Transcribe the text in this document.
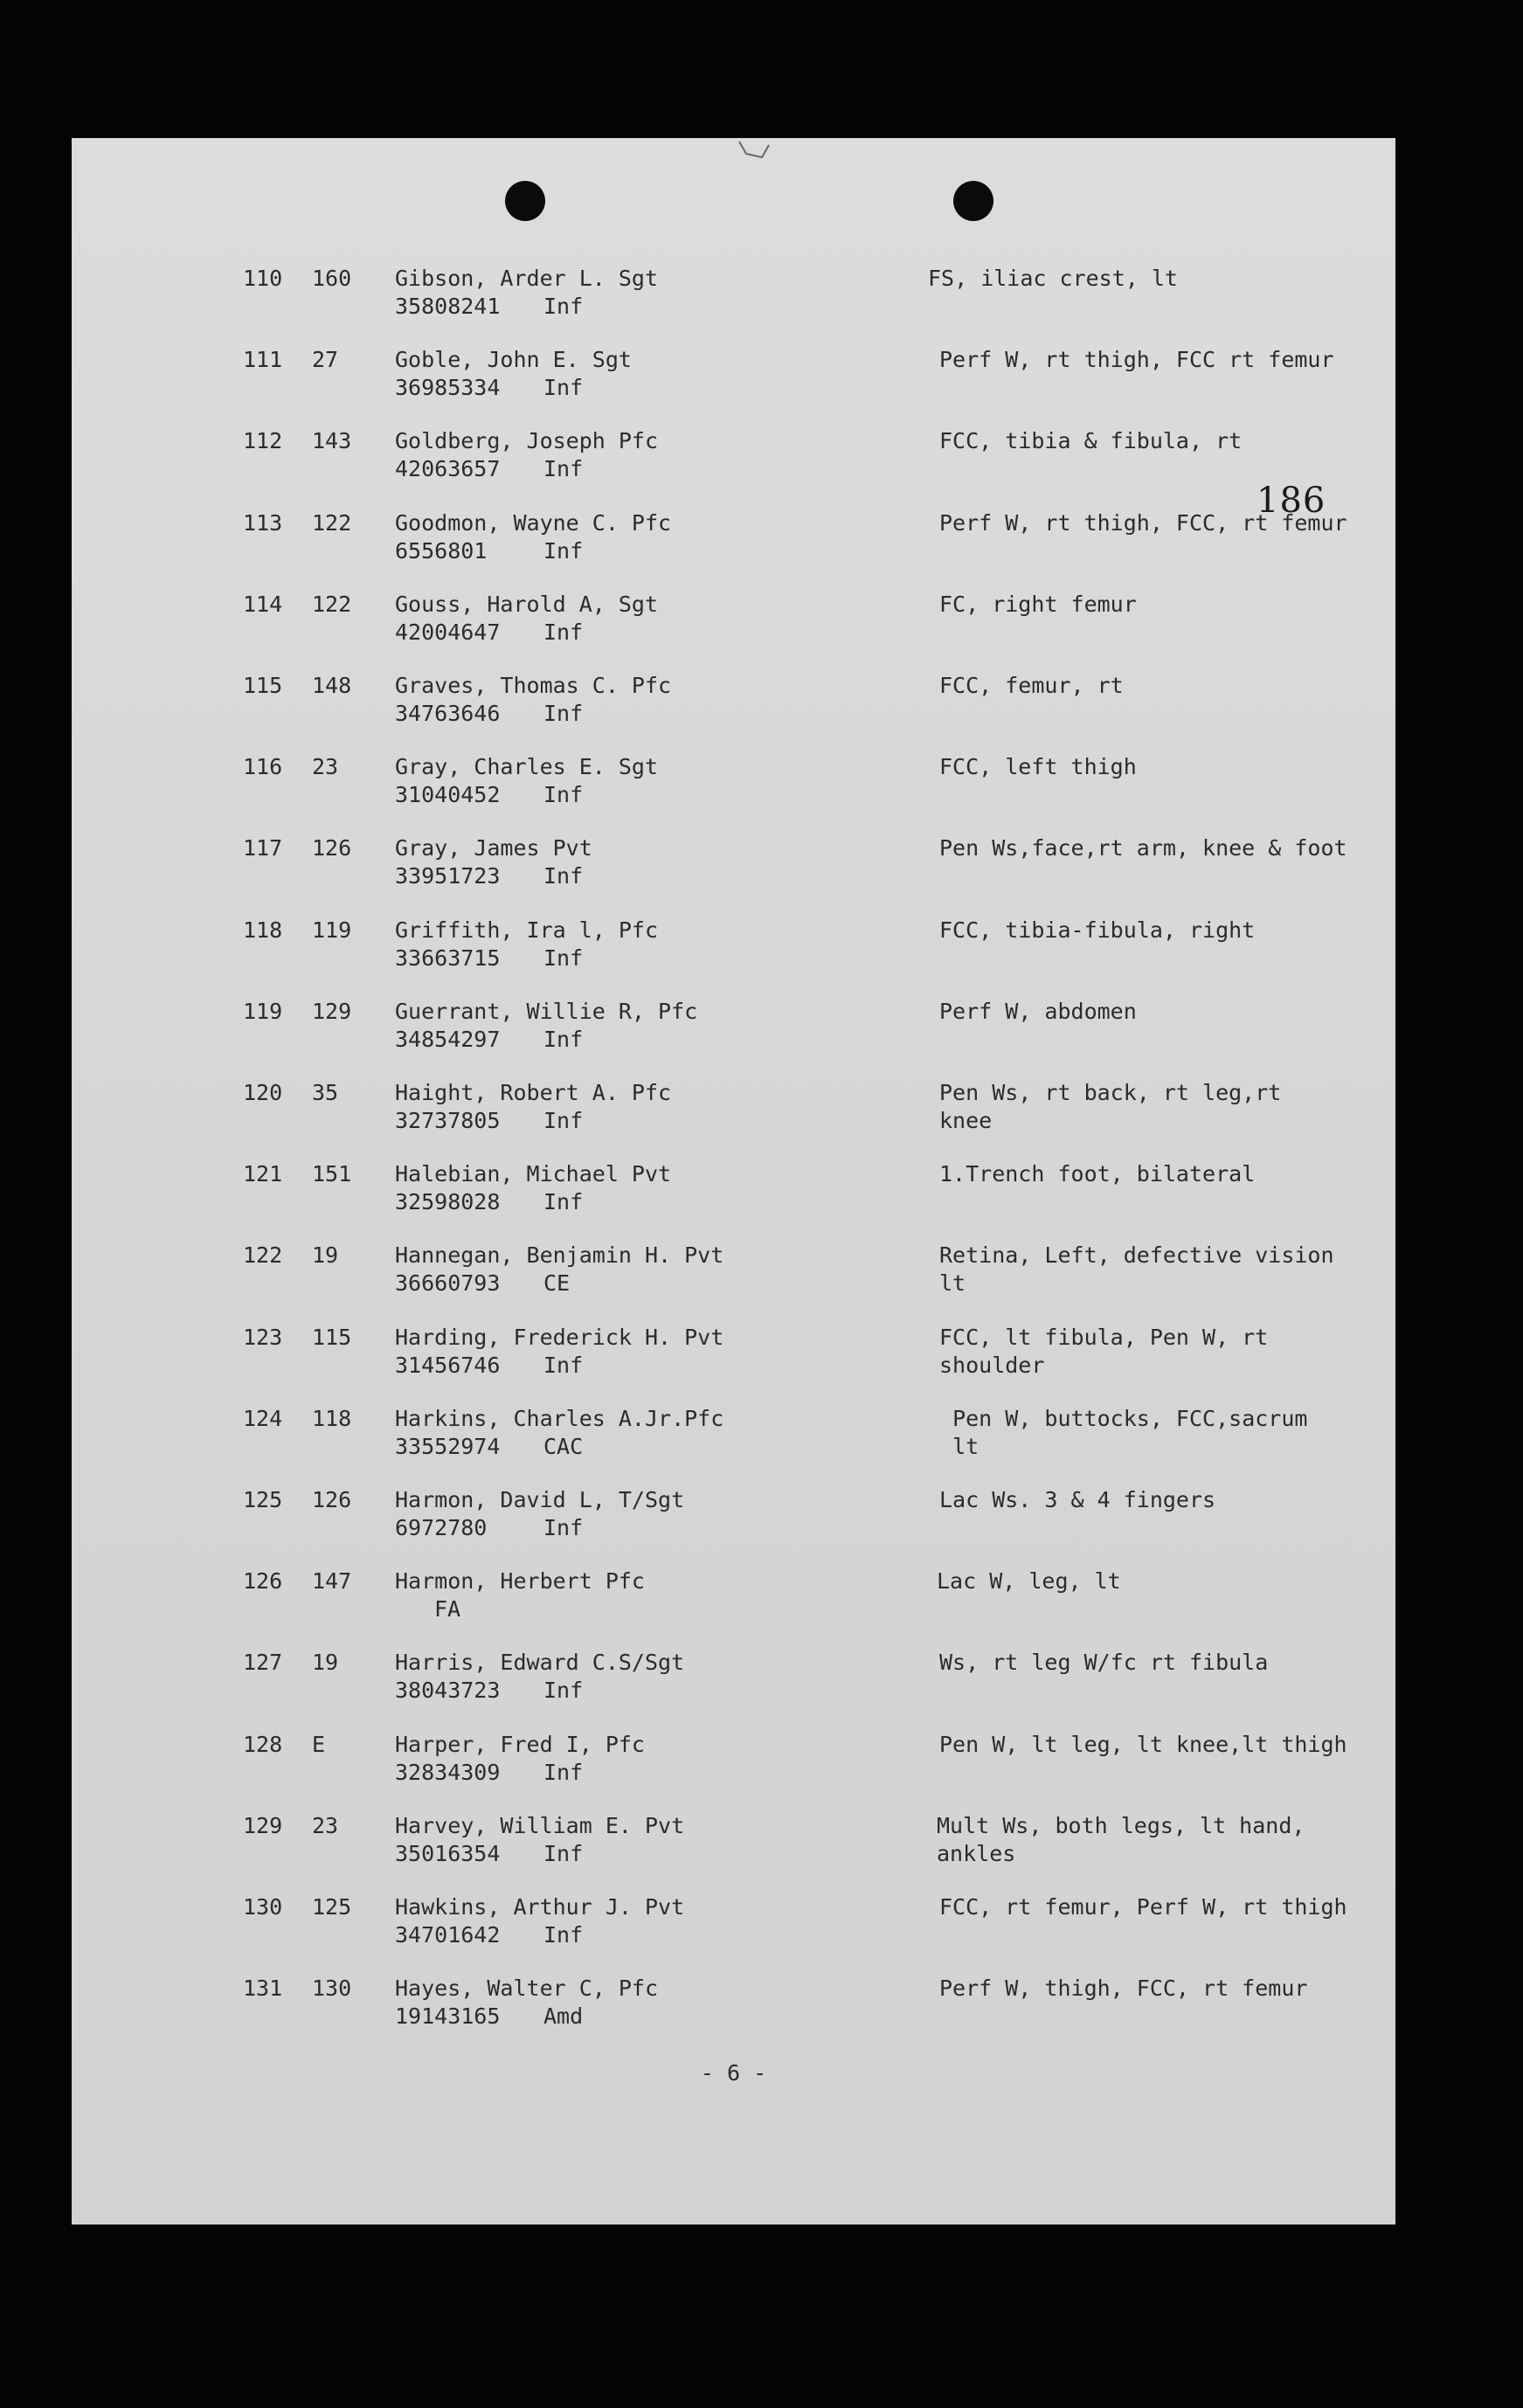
110	160	Gibson, Arder L. Sgt
35808241 Inf
FS, iliac crest, lt
111	27	Goble, John E. Sgt
36985334 Inf
Perf W, rt thigh, FCC rt femur
112	143	Goldberg, Joseph Pfc
42063657 Inf
FCC, tibia & fibula, rt
113	122	Goodmon, Wayne C. Pfc
6556801	Inf
Perf W, rt thigh, FCC, rt femur
114	122	Gouss, Harold A, Sgt
42004647 Inf
FC, right femur
115	148	Graves, Thomas C. Pfc
34763646 Inf
FCC, femur, rt
116	23	Gray, Charles E. Sgt
31040452 Inf
FCC, left thigh
117	126	Gray, James Pvt
33951723 Inf
Pen Ws,face,rt arm, knee & foot
118	119	Griffith, Ira l, Pfc
33663715 Inf
FCC, tibia-fibula, right
119	129	Guerrant, Willie R, Pfc
34854297 Inf
Perf W, abdomen
120	35	Haight, Robert A. Pfc
32737805 Inf
Pen Ws, rt back, rt leg,rt
knee
121	151	Halebian, Michael Pvt
32598028 Inf
1.Trench foot, bilateral
122	19	Hannegan, Benjamin H. Pvt
36660793 CE
Retina, Left, defective vision
lt
123	115	Harding, Frederick H. Pvt
31456746 Inf
FCC, lt fibula, Pen W, rt
shoulder
124	118	Harkins, Charles A.Jr.Pfc
33552974 CAC
Pen W, buttocks, FCC,sacrum
lt
125	126	Harmon, David L, T/Sgt
6972780	Inf
Lac Ws. 3 & 4 fingers
126	147	Harmon, Herbert Pfc
FA
Lac W, leg, lt
127	19	Harris, Edward C.S/Sgt
38043723 Inf
Ws, rt leg W/fc rt fibula
128	E	Harper, Fred I, Pfc
32834309 Inf
Pen W, lt leg, lt knee,lt thigh
129	23	Harvey, William E. Pvt
35016354 Inf
Mult Ws, both legs, lt hand,
ankles
130	125	Hawkins, Arthur J. Pvt
34701642 Inf
FCC, rt femur, Perf W, rt thigh
131	130	Hayes, Walter C, Pfc
19143165 Amd
Perf W, thigh, FCC, rt femur
186
- 6 -
